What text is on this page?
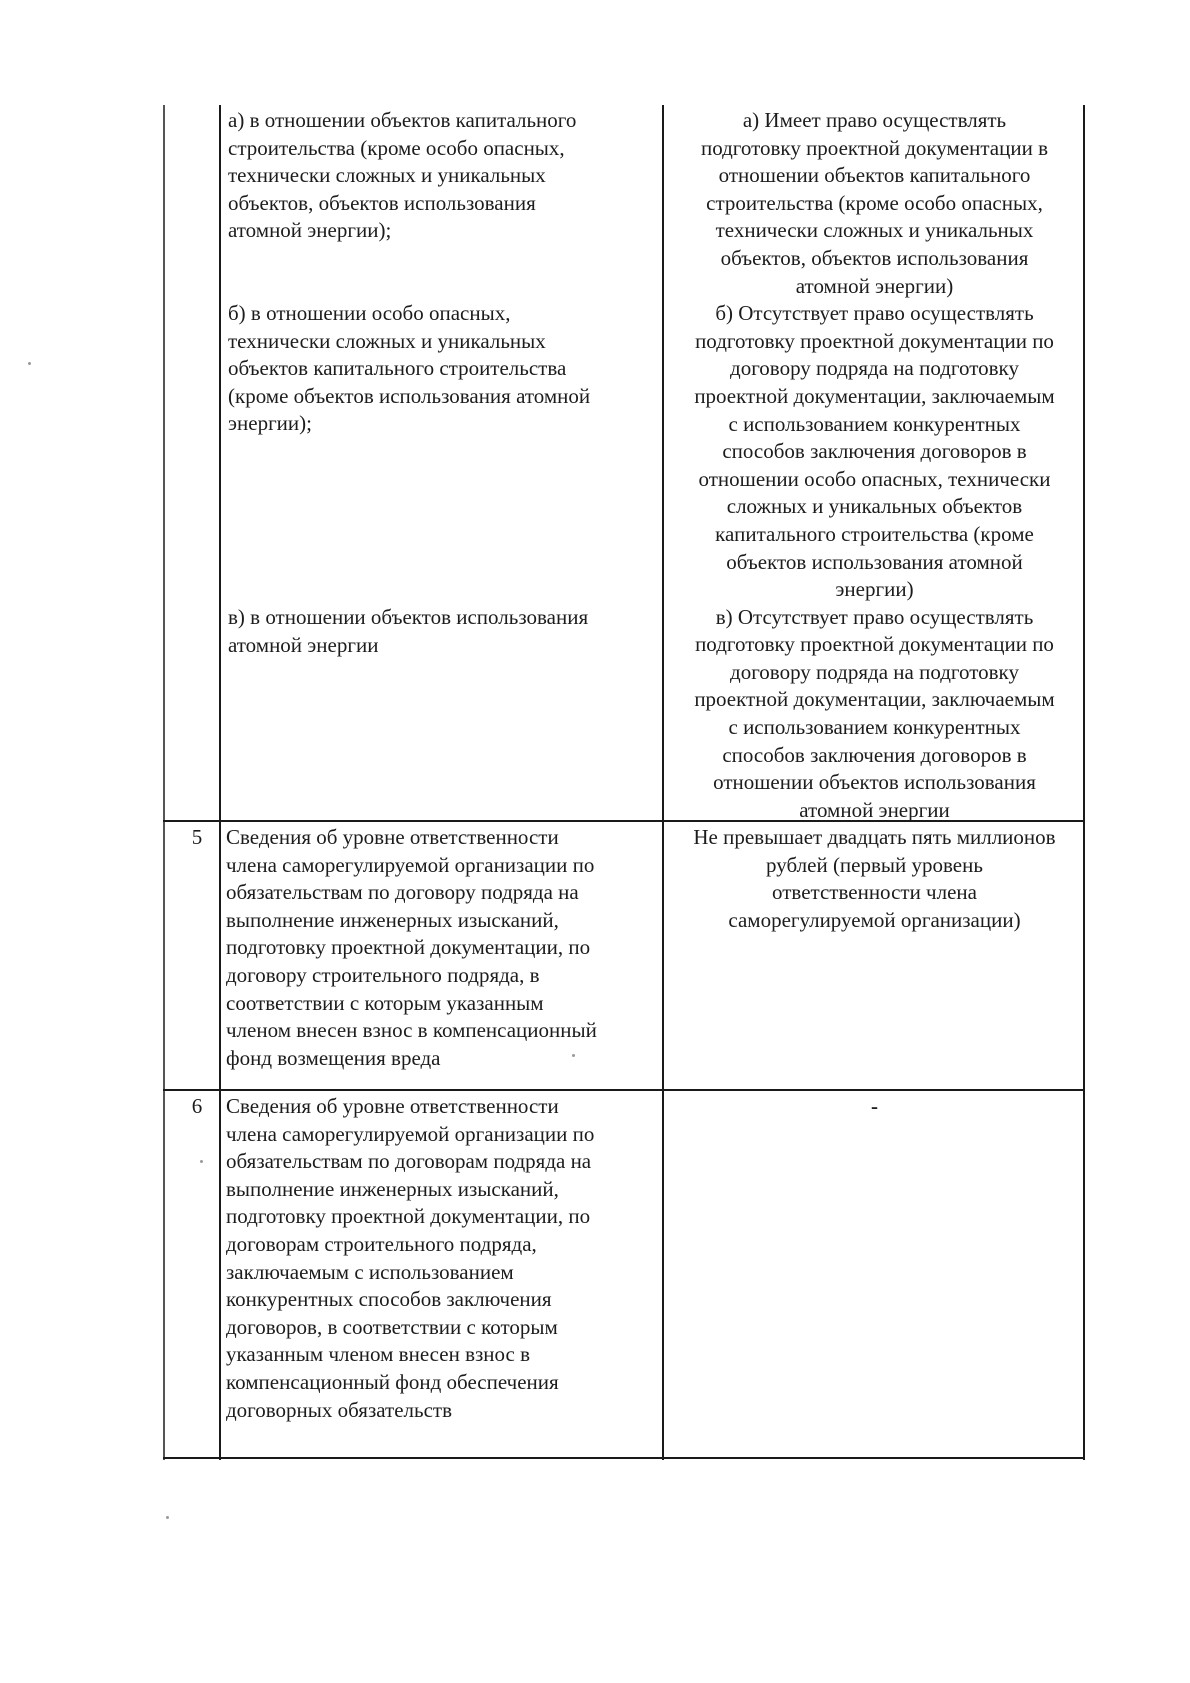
а) в отношении объектов капитального

строительства (кроме особо опасных,

технически сложных и уникальных

объектов, объектов использования

атомной энергии);

б) в отношении особо опасных,

технически сложных и уникальных

объектов капитального строительства

(кроме объектов использования атомной

энергии);

в) в отношении объектов использования

атомной энергии

а) Имеет право осуществлять

подготовку проектной документации в

отношении объектов капитального

строительства (кроме особо опасных,

технически сложных и уникальных

объектов, объектов использования

атомной энергии)

б) Отсутствует право осуществлять

подготовку проектной документации по

договору подряда на подготовку

проектной документации, заключаемым

с использованием конкурентных

способов заключения договоров в

отношении особо опасных, технически

сложных и уникальных объектов

капитального строительства (кроме

объектов использования атомной

энергии)

в) Отсутствует право осуществлять

подготовку проектной документации по

договору подряда на подготовку

проектной документации, заключаемым

с использованием конкурентных

способов заключения договоров в

отношении объектов использования

атомной энергии

5	Сведения об уровне ответственности

члена саморегулируемой организации по

обязательствам по договору подряда на

выполнение инженерных изысканий,

подготовку проектной документации, по

договору строительного подряда, в

соответствии с которым указанным

членом внесен взнос в компенсационный

фонд возмещения вреда

Не превышает двадцать пять миллионов

рублей (первый уровень

ответственности члена

саморегулируемой организации)

6	Сведения об уровне ответственности

члена саморегулируемой организации по

обязательствам по договорам подряда на

выполнение инженерных изысканий,

подготовку проектной документации, по

договорам строительного подряда,

заключаемым с использованием

конкурентных способов заключения

договоров, в соответствии с которым

указанным членом внесен взнос в

компенсационный фонд обеспечения

договорных обязательств

-
